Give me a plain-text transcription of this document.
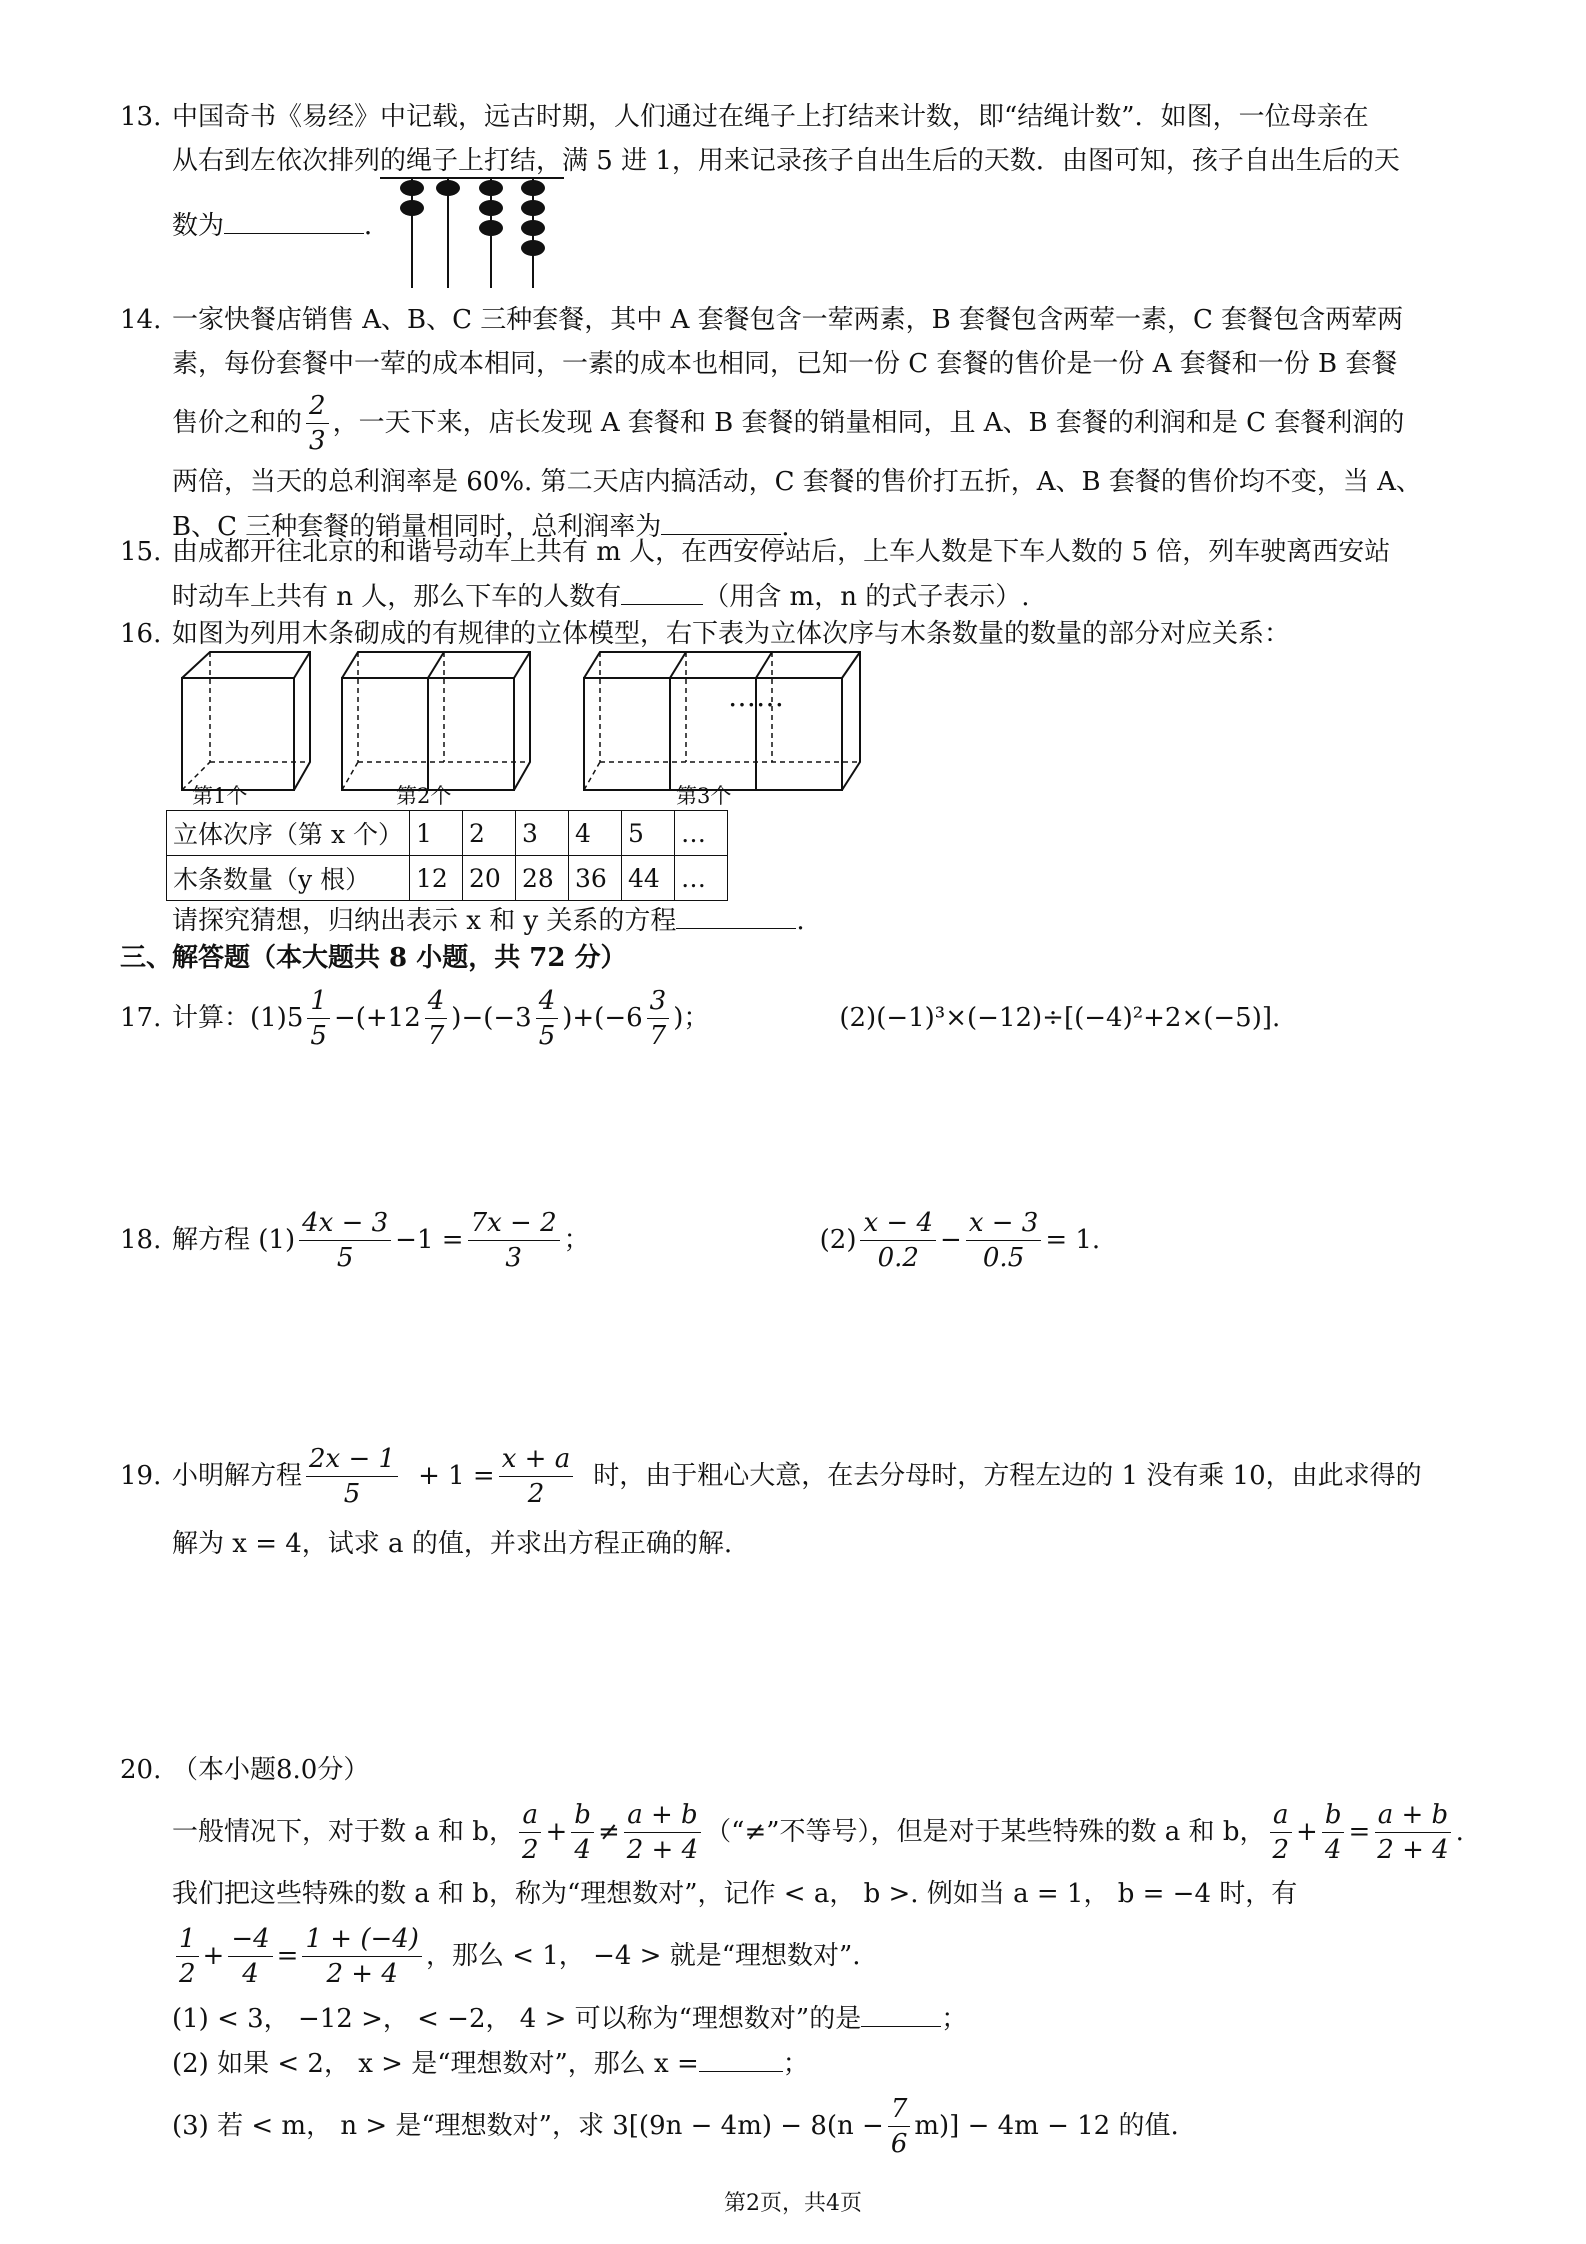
13. 中国奇书《易经》中记载，远古时期，人们通过在绳子上打结来计数，即“结绳计数”．如图，一位母亲在
从右到左依次排列的绳子上打结，满 5 进 1，用来记录孩子自出生后的天数．由图可知，孩子自出生后的天
数为	．
14. 一家快餐店销售 A、B、C 三种套餐，其中 A 套餐包含一荤两素，B 套餐包含两荤一素，C 套餐包含两荤两
素，每份套餐中一荤的成本相同，一素的成本也相同，已知一份 C 套餐的售价是一份 A 套餐和一份 B 套餐
售价之和的 $\frac{2}{3}$ ，一天下来，店长发现 A 套餐和 B 套餐的销量相同，且 A、B 套餐的利润和是 C 套餐利润的
两倍，当天的总利润率是 60%. 第二天店内搞活动，C 套餐的售价打五折，A、B 套餐的售价均不变，当 A、
B、C 三种套餐的销量相同时，总利润率为	.
15. 由成都开往北京的和谐号动车上共有 m 人，在西安停站后，上车人数是下车人数的 5 倍，列车驶离西安站
时动车上共有 n 人，那么下车的人数有	（用含 m，n 的式子表示）.
16. 如图为列用木条砌成的有规律的立体模型，右下表为立体次序与木条数量的数量的部分对应关系：
……
第1个	第2个	第3个
立体次序（第 x 个）	1	2	3	4	5	…
木条数量（y 根）	12	20	28	36	44	…
请探究猜想，归纳出表示 x 和 y 关系的方程	.
三、解答题（本大题共 8 小题，共 72 分）
17. 计算：(1) $5 \frac{1}{5} -(+12 \frac{4}{7} )-(-3 \frac{4}{5} )+(-6 \frac{3}{7}$ )；	(2)(−1)³×(−12)÷[(−4)²+2×(−5)].
18. 解方程 $(1) \frac{4x - 3}{5} -1 = \frac{7x - 2}{3}$ ；	$(2) \frac{x - 4}{0.2} - \frac{x - 3}{0.5} = 1$.
19. 小明解方程 $\frac{2x - 1}{5} + 1 = \frac{x + a}{2}$ 时，由于粗心大意，在去分母时，方程左边的 1 没有乘 10，由此求得的
解为 x = 4，试求 a 的值，并求出方程正确的解.
20. （本小题8.0分）
一般情况下，对于数 a 和 b， $\frac{a}{2} + \frac{b}{4} \ne \frac{a + b}{2 + 4}$ （“≠”不等号），但是对于某些特殊的数 a 和 b， $\frac{a}{2} + \frac{b}{4} = \frac{a + b}{2 + 4}$ .
我们把这些特殊的数 a 和 b，称为“理想数对”，记作 < a， b >. 例如当 a = 1， b = −4 时，有
$\frac{1}{2} + \frac{-4}{4} = \frac{1 + (-4)}{2 + 4}$ ，那么 < 1， −4 > 就是“理想数对”.
(1) < 3， −12 >， < −2， 4 > 可以称为“理想数对”的是	；
(2) 如果 < 2， x > 是“理想数对”，那么 x =	；
(3) 若 < m， n > 是“理想数对”，求 $3[(9n - 4m) - 8(n - \frac{7}{6} m)] - 4m - 12$ 的值.
第2页，共4页
